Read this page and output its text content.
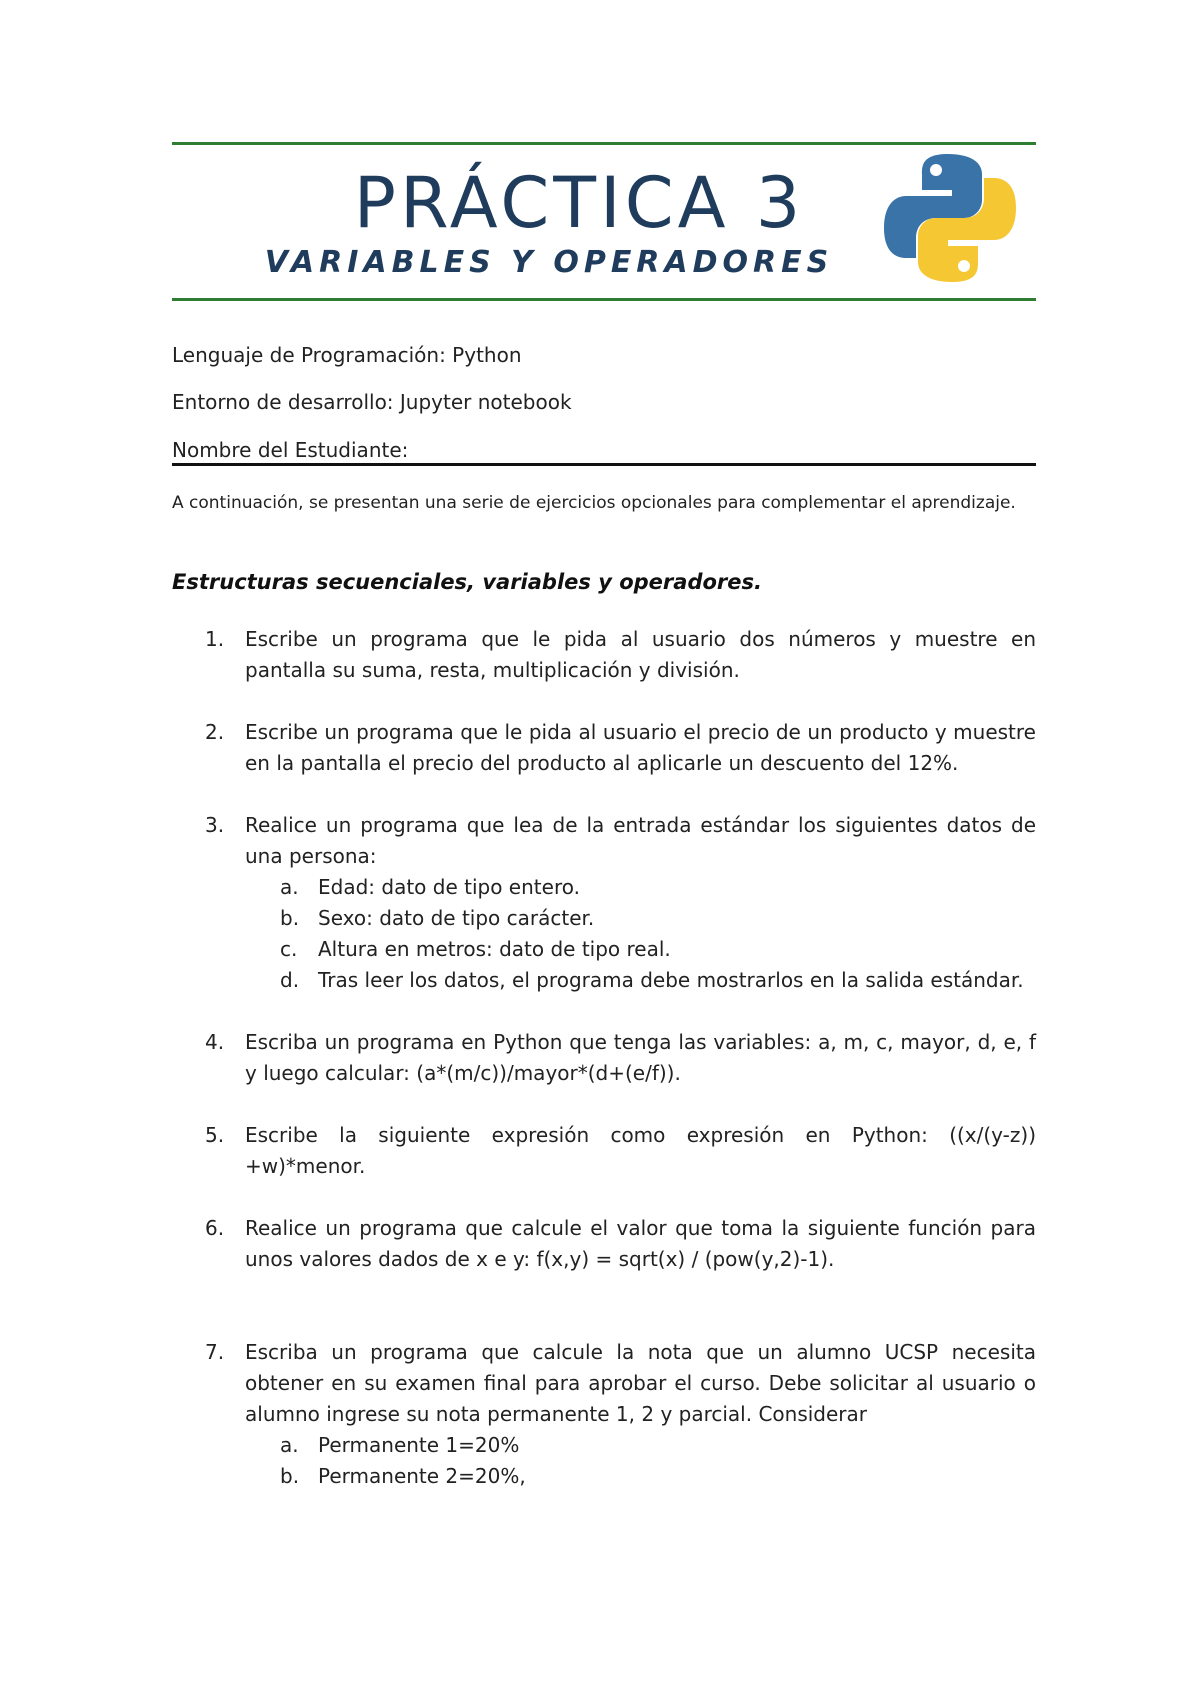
PRÁCTICA 3
VARIABLES Y OPERADORES
Lenguaje de Programación: Python
Entorno de desarrollo: Jupyter notebook
Nombre del Estudiante:
A continuación, se presentan una serie de ejercicios opcionales para complementar el aprendizaje.
Estructuras secuenciales, variables y operadores.
1. Escribe un programa que le pida al usuario dos números y muestre en pantalla su suma, resta, multiplicación y división.
2. Escribe un programa que le pida al usuario el precio de un producto y muestre en la pantalla el precio del producto al aplicarle un descuento del 12%.
3. Realice un programa que lea de la entrada estándar los siguientes datos de una persona:
a. Edad: dato de tipo entero.
b. Sexo: dato de tipo carácter.
c. Altura en metros: dato de tipo real.
d. Tras leer los datos, el programa debe mostrarlos en la salida estándar.
4. Escriba un programa en Python que tenga las variables: a, m, c, mayor, d, e, f y luego calcular: (a*(m/c))/mayor*(d+(e/f)).
5. Escribe la siguiente expresión como expresión en Python: ((x/(y-z)) +w)*menor.
6. Realice un programa que calcule el valor que toma la siguiente función para unos valores dados de x e y: f(x,y) = sqrt(x) / (pow(y,2)-1).
7. Escriba un programa que calcule la nota que un alumno UCSP necesita obtener en su examen final para aprobar el curso. Debe solicitar al usuario o alumno ingrese su nota permanente 1, 2 y parcial. Considerar
a. Permanente 1=20%
b. Permanente 2=20%,
